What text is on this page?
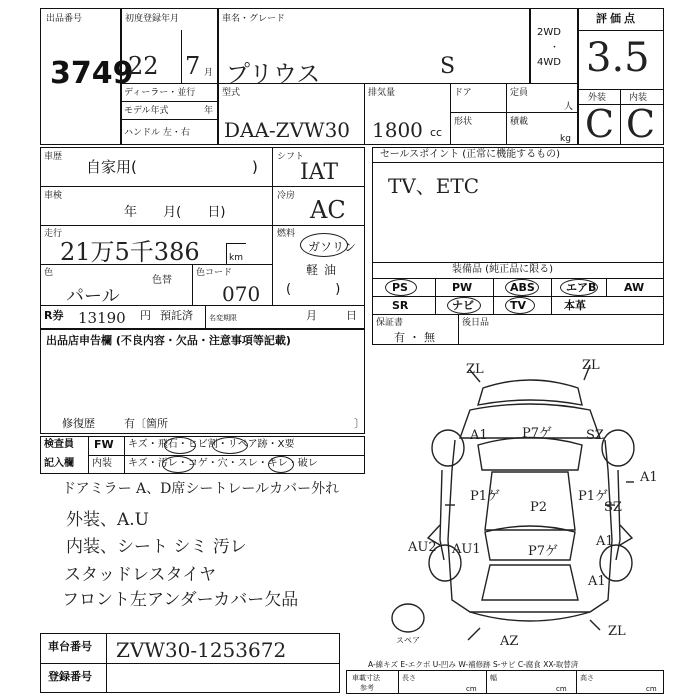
出品番号
3749
初度登録年月
22 7 月
車名・グレード
プリウス	S
2WD
・
4WD
評価点
3.5
外装	内装
C C
ディーラー・並行
モデル年式	年
ハンドル 左・右
型式
DAA-ZVW30
排気量
1800 cc
ドア	定員
人
形状	積載
kg
車歴
自家用(	)
車検
年 月( 日)
走行
21万5千386	km
色
パール
色替
色コード
070
R券 13190 円 預託済 名変期限	月	日
シフト
IAT
冷房 AC
燃料
ガソリン
軽油
( )
セールスポイント (正常に機能するもの)
TV、ETC
装備品 (純正品に限る)
PS	PW	ABS	エアB	AW
SR	ナビ	TV	本革
保証書
有・無
後日品
出品店申告欄 (不良内容・欠品・注意事項等記載)
修復歴	有〔箇所	〕
検査員
記入欄
FW キズ・飛石・ヒビ割・リペア跡・X要
内装 キズ・汚レ・コゲ・穴・スレ・キレ・破レ
ドアミラー A、D席シートレールカバー外れ
外装、A.U
内装、シート シミ 汚レ
スタッドレスタイヤ
フロント左アンダーカバー欠品
A1	P7ゲ	SZ
A1
P1ゲ	P1ゲ
P2	SZ
AU2 AU1	P7ゲ
A1
A1
AZ
ZL
ZL
ZL
スペア
A-線キズ E-エクボ U-凹み W-補修跡 S-サビ C-腐食 XX-取替済
車載寸法
参考
長さ
cm
幅
cm
高さ
cm
車台番号 ZVW30-1253672
登録番号
